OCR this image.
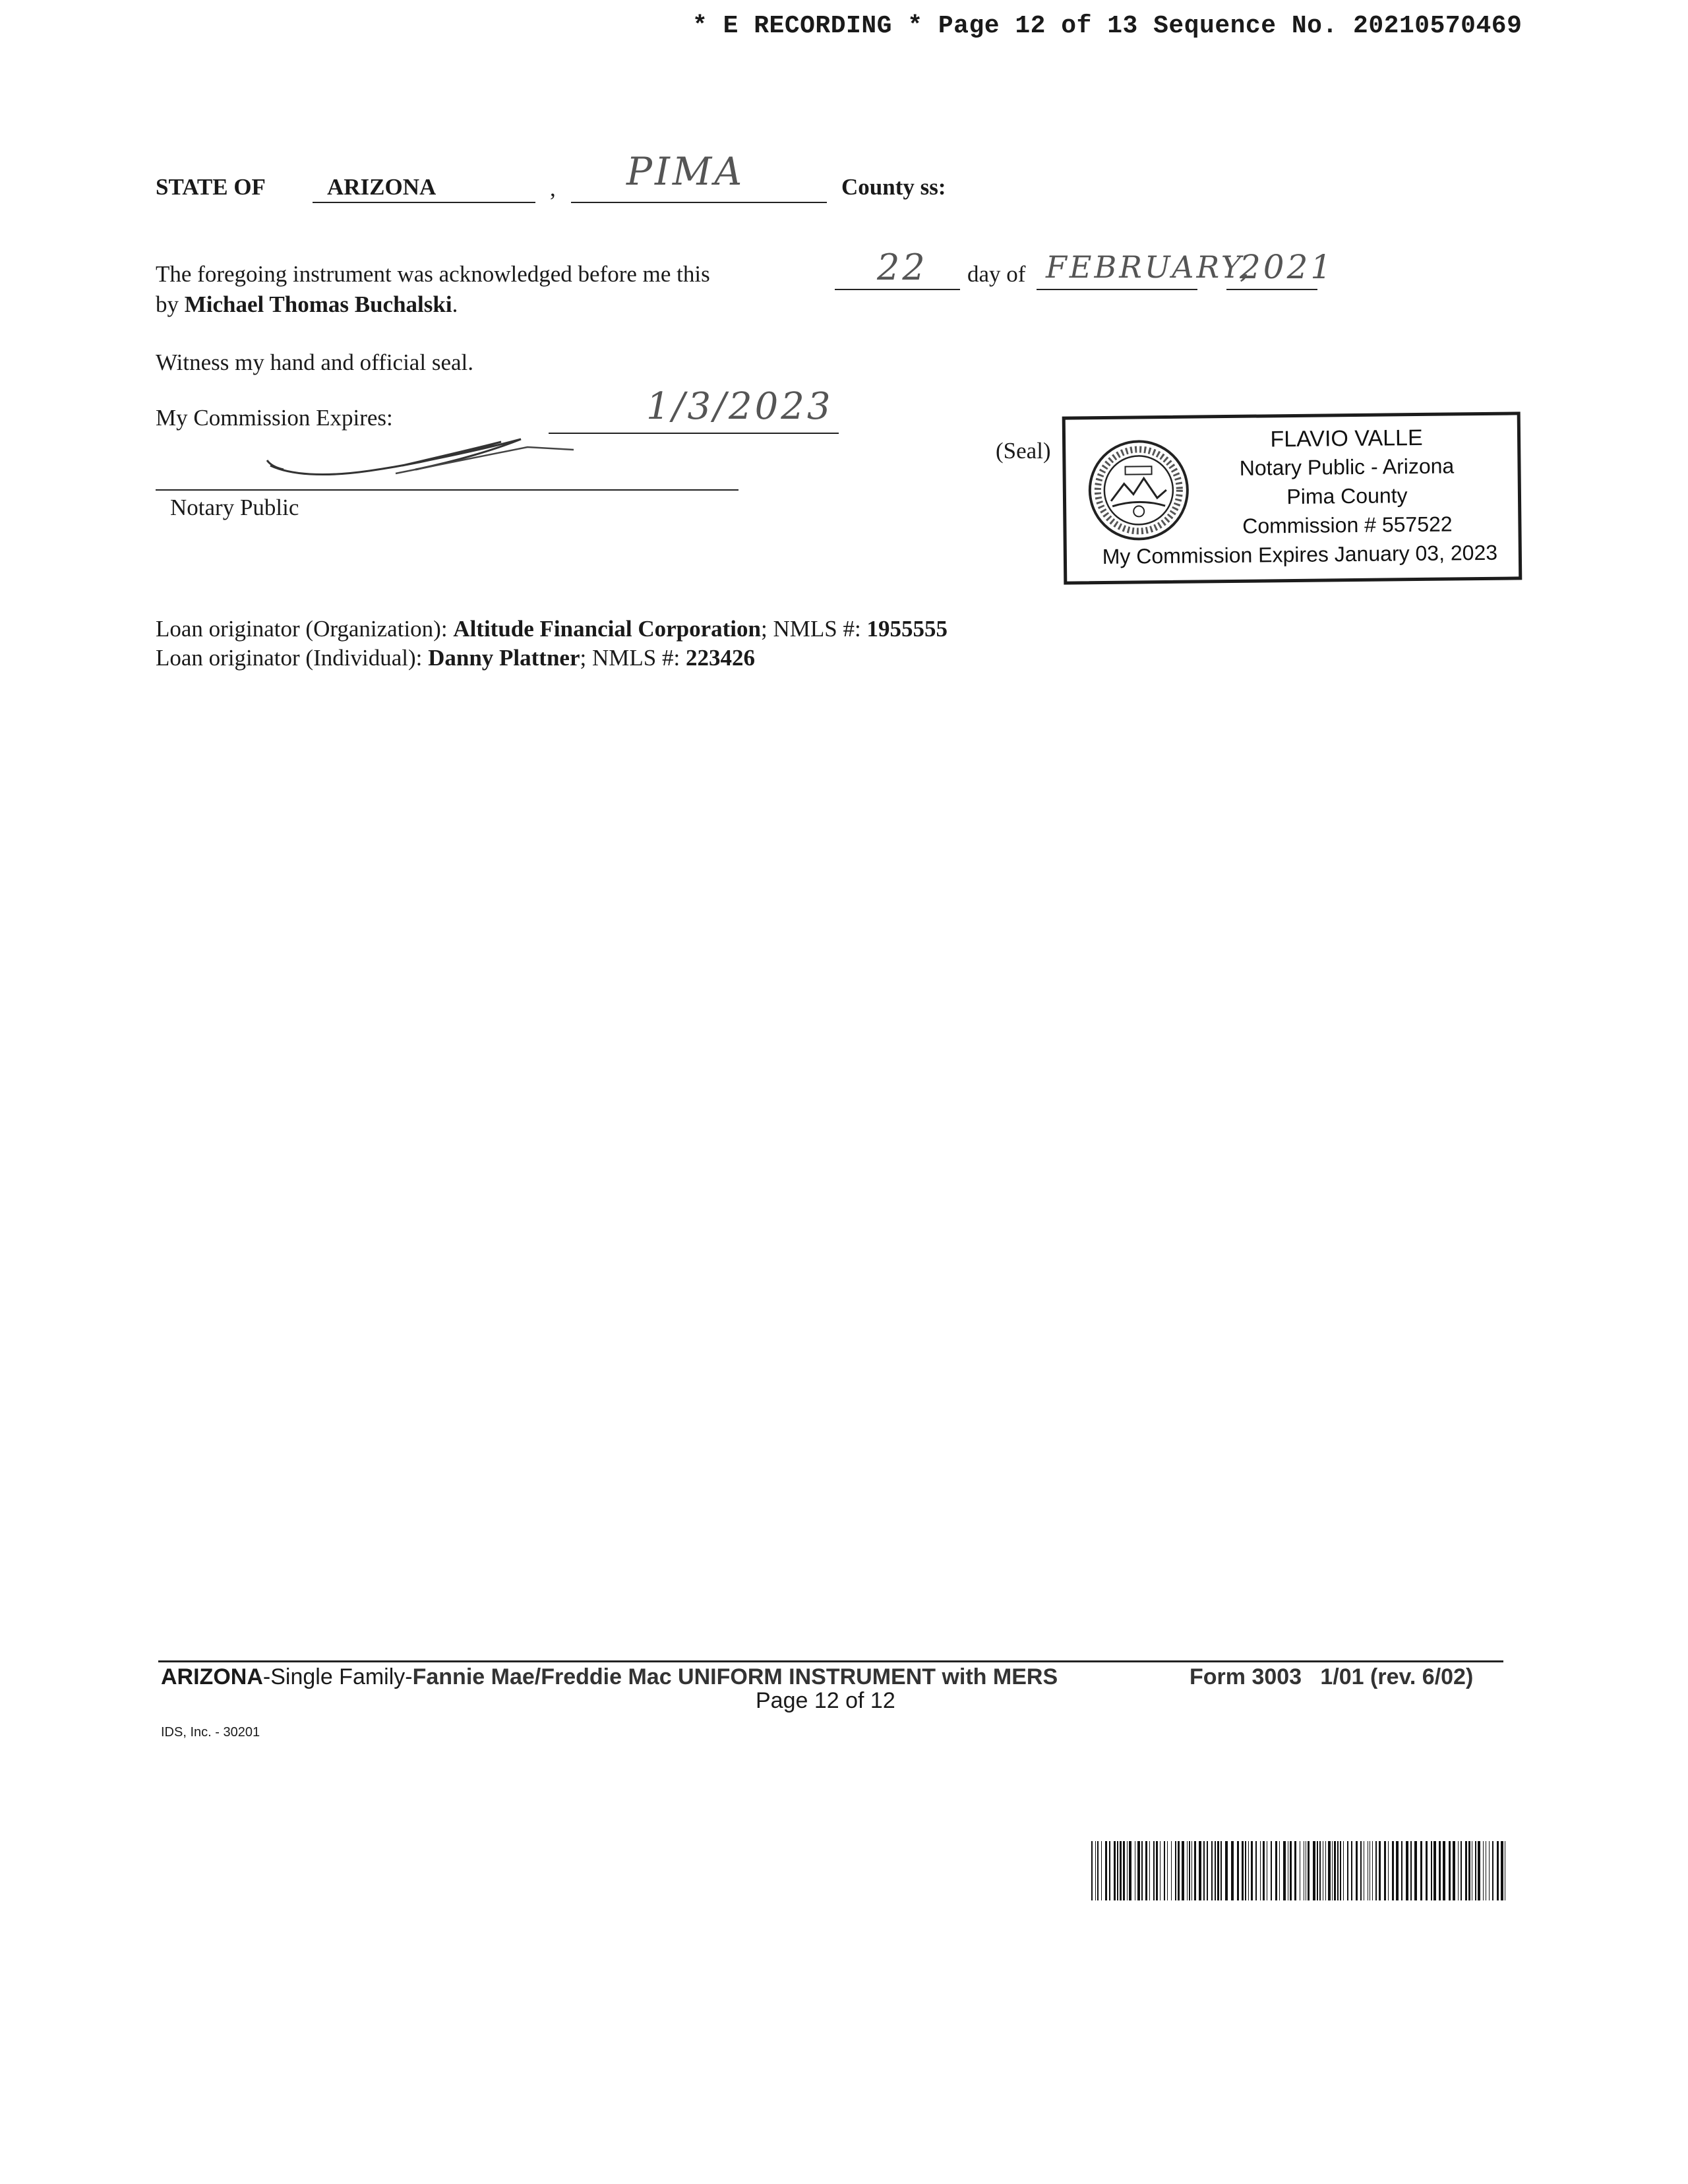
* E RECORDING * Page 12 of 13 Sequence No. 20210570469
STATE OF	ARIZONA	, PIMA	County ss:
The foregoing instrument was acknowledged before me this	22 day of FEBRUARY,
2021
by Michael Thomas Buchalski.
Witness my hand and official seal.
My Commission Expires:	1/3/2023
Notary Public
(Seal)	FLAVIO VALLE
Notary Public - Arizona
Pima County
Commission # 557522
My Commission Expires January 03, 2023
Loan originator (Organization): Altitude Financial Corporation; NMLS #: 1955555
Loan originator (Individual): Danny Plattner; NMLS #: 223426
ARIZONA-Single Family-Fannie Mae/Freddie Mac UNIFORM INSTRUMENT with MERS	Form 3003   1/01 (rev. 6/02)
Page 12 of 12
IDS, Inc. - 30201
